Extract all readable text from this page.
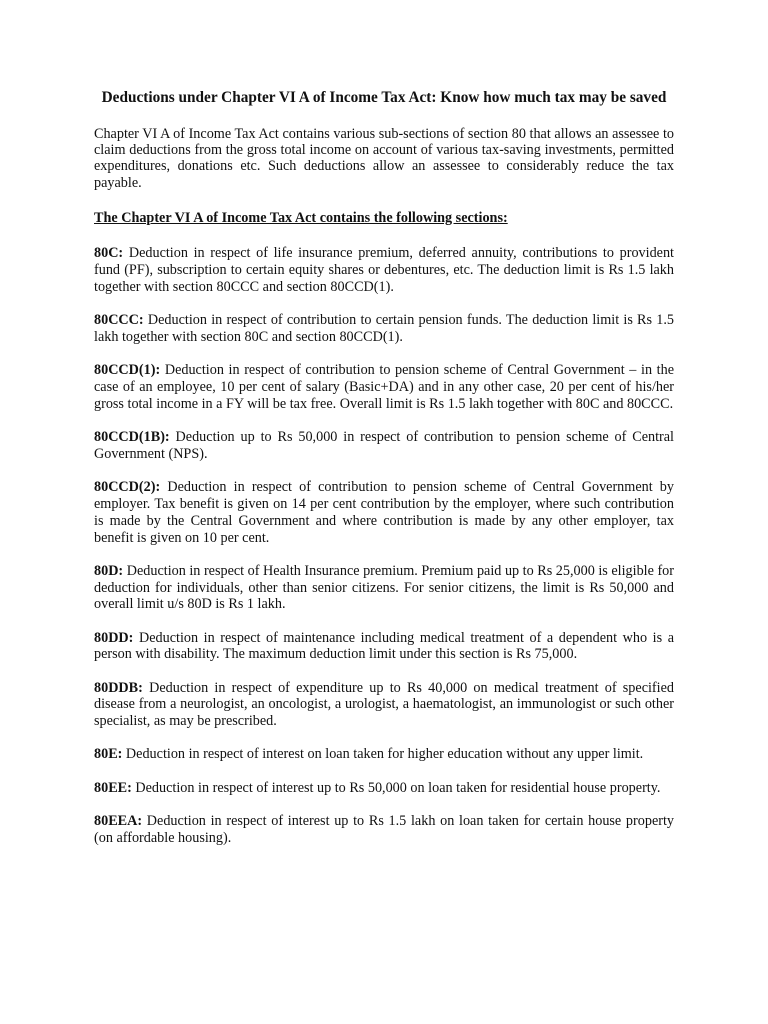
Deductions under Chapter VI A of Income Tax Act: Know how much tax may be saved

Chapter VI A of Income Tax Act contains various sub-sections of section 80 that allows an assessee to claim deductions from the gross total income on account of various tax-saving investments, permitted expenditures, donations etc. Such deductions allow an assessee to considerably reduce the tax payable.

The Chapter VI A of Income Tax Act contains the following sections:

80C: Deduction in respect of life insurance premium, deferred annuity, contributions to provident fund (PF), subscription to certain equity shares or debentures, etc. The deduction limit is Rs 1.5 lakh together with section 80CCC and section 80CCD(1).

80CCC: Deduction in respect of contribution to certain pension funds. The deduction limit is Rs 1.5 lakh together with section 80C and section 80CCD(1).

80CCD(1): Deduction in respect of contribution to pension scheme of Central Government – in the case of an employee, 10 per cent of salary (Basic+DA) and in any other case, 20 per cent of his/her gross total income in a FY will be tax free. Overall limit is Rs 1.5 lakh together with 80C and 80CCC.

80CCD(1B): Deduction up to Rs 50,000 in respect of contribution to pension scheme of Central Government (NPS).

80CCD(2): Deduction in respect of contribution to pension scheme of Central Government by employer. Tax benefit is given on 14 per cent contribution by the employer, where such contribution is made by the Central Government and where contribution is made by any other employer, tax benefit is given on 10 per cent.

80D: Deduction in respect of Health Insurance premium. Premium paid up to Rs 25,000 is eligible for deduction for individuals, other than senior citizens. For senior citizens, the limit is Rs 50,000 and overall limit u/s 80D is Rs 1 lakh.

80DD: Deduction in respect of maintenance including medical treatment of a dependent who is a person with disability. The maximum deduction limit under this section is Rs 75,000.

80DDB: Deduction in respect of expenditure up to Rs 40,000 on medical treatment of specified disease from a neurologist, an oncologist, a urologist, a haematologist, an immunologist or such other specialist, as may be prescribed.

80E: Deduction in respect of interest on loan taken for higher education without any upper limit.

80EE: Deduction in respect of interest up to Rs 50,000 on loan taken for residential house property.

80EEA: Deduction in respect of interest up to Rs 1.5 lakh on loan taken for certain house property (on affordable housing).
